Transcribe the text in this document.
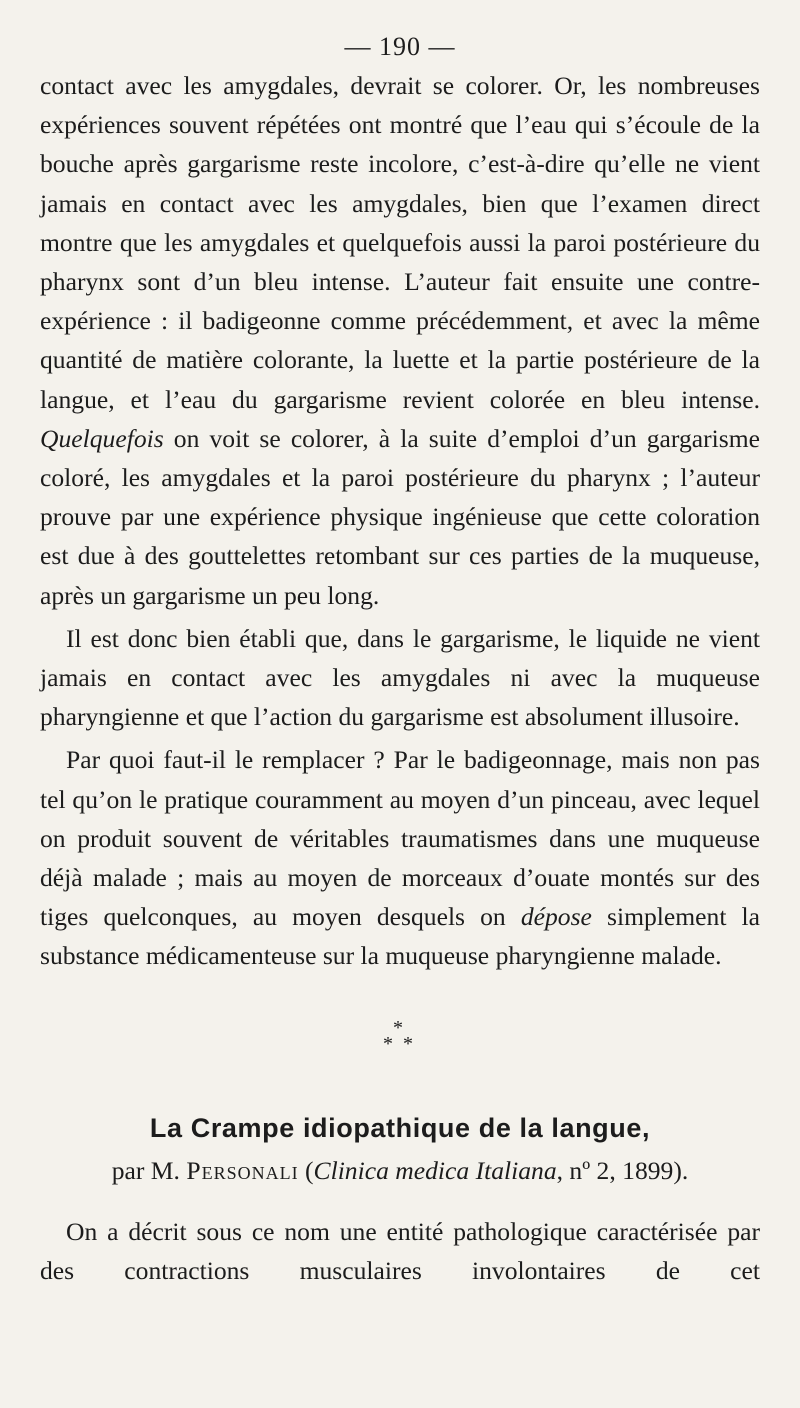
— 190 —

contact avec les amygdales, devrait se colorer. Or, les nombreuses expériences souvent répétées ont montré que l’eau qui s’écoule de la bouche après gargarisme reste incolore, c’est-à-dire qu’elle ne vient jamais en contact avec les amygdales, bien que l’examen direct montre que les amygdales et quelquefois aussi la paroi postérieure du pharynx sont d’un bleu intense. L’auteur fait ensuite une contre-expérience : il badigeonne comme précédemment, et avec la même quantité de matière colorante, la luette et la partie postérieure de la langue, et l’eau du gargarisme revient colorée en bleu intense. Quelquefois on voit se colorer, à la suite d’emploi d’un gargarisme coloré, les amygdales et la paroi postérieure du pharynx ; l’auteur prouve par une expérience physique ingénieuse que cette coloration est due à des gouttelettes retombant sur ces parties de la muqueuse, après un gargarisme un peu long.

Il est donc bien établi que, dans le gargarisme, le liquide ne vient jamais en contact avec les amygdales ni avec la muqueuse pharyngienne et que l’action du gargarisme est absolument illusoire.

Par quoi faut-il le remplacer ? Par le badigeonnage, mais non pas tel qu’on le pratique couramment au moyen d’un pinceau, avec lequel on produit souvent de véritables traumatismes dans une muqueuse déjà malade ; mais au moyen de morceaux d’ouate montés sur des tiges quelconques, au moyen desquels on dépose simplement la substance médicamenteuse sur la muqueuse pharyngienne malade.

*
* *
La Crampe idiopathique de la langue,
par M. Personali (Clinica medica Italiana, nº 2, 1899).

On a décrit sous ce nom une entité pathologique caractérisée par des contractions musculaires involontaires de cet
